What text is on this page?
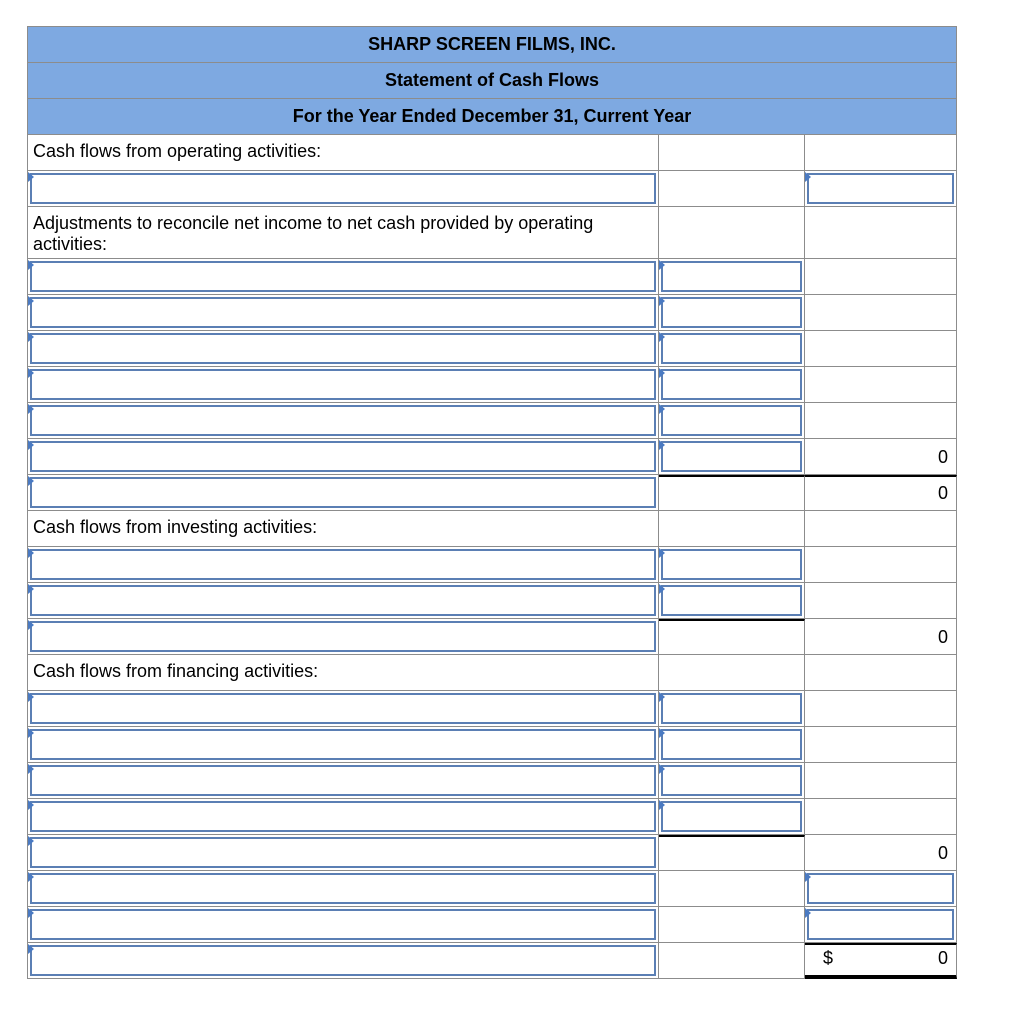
SHARP SCREEN FILMS, INC.
Statement of Cash Flows
For the Year Ended December 31, Current Year
Cash flows from operating activities:
Adjustments to reconcile net income to net cash provided by operating activities:
0
0
Cash flows from investing activities:
0
Cash flows from financing activities:
0
$	0
